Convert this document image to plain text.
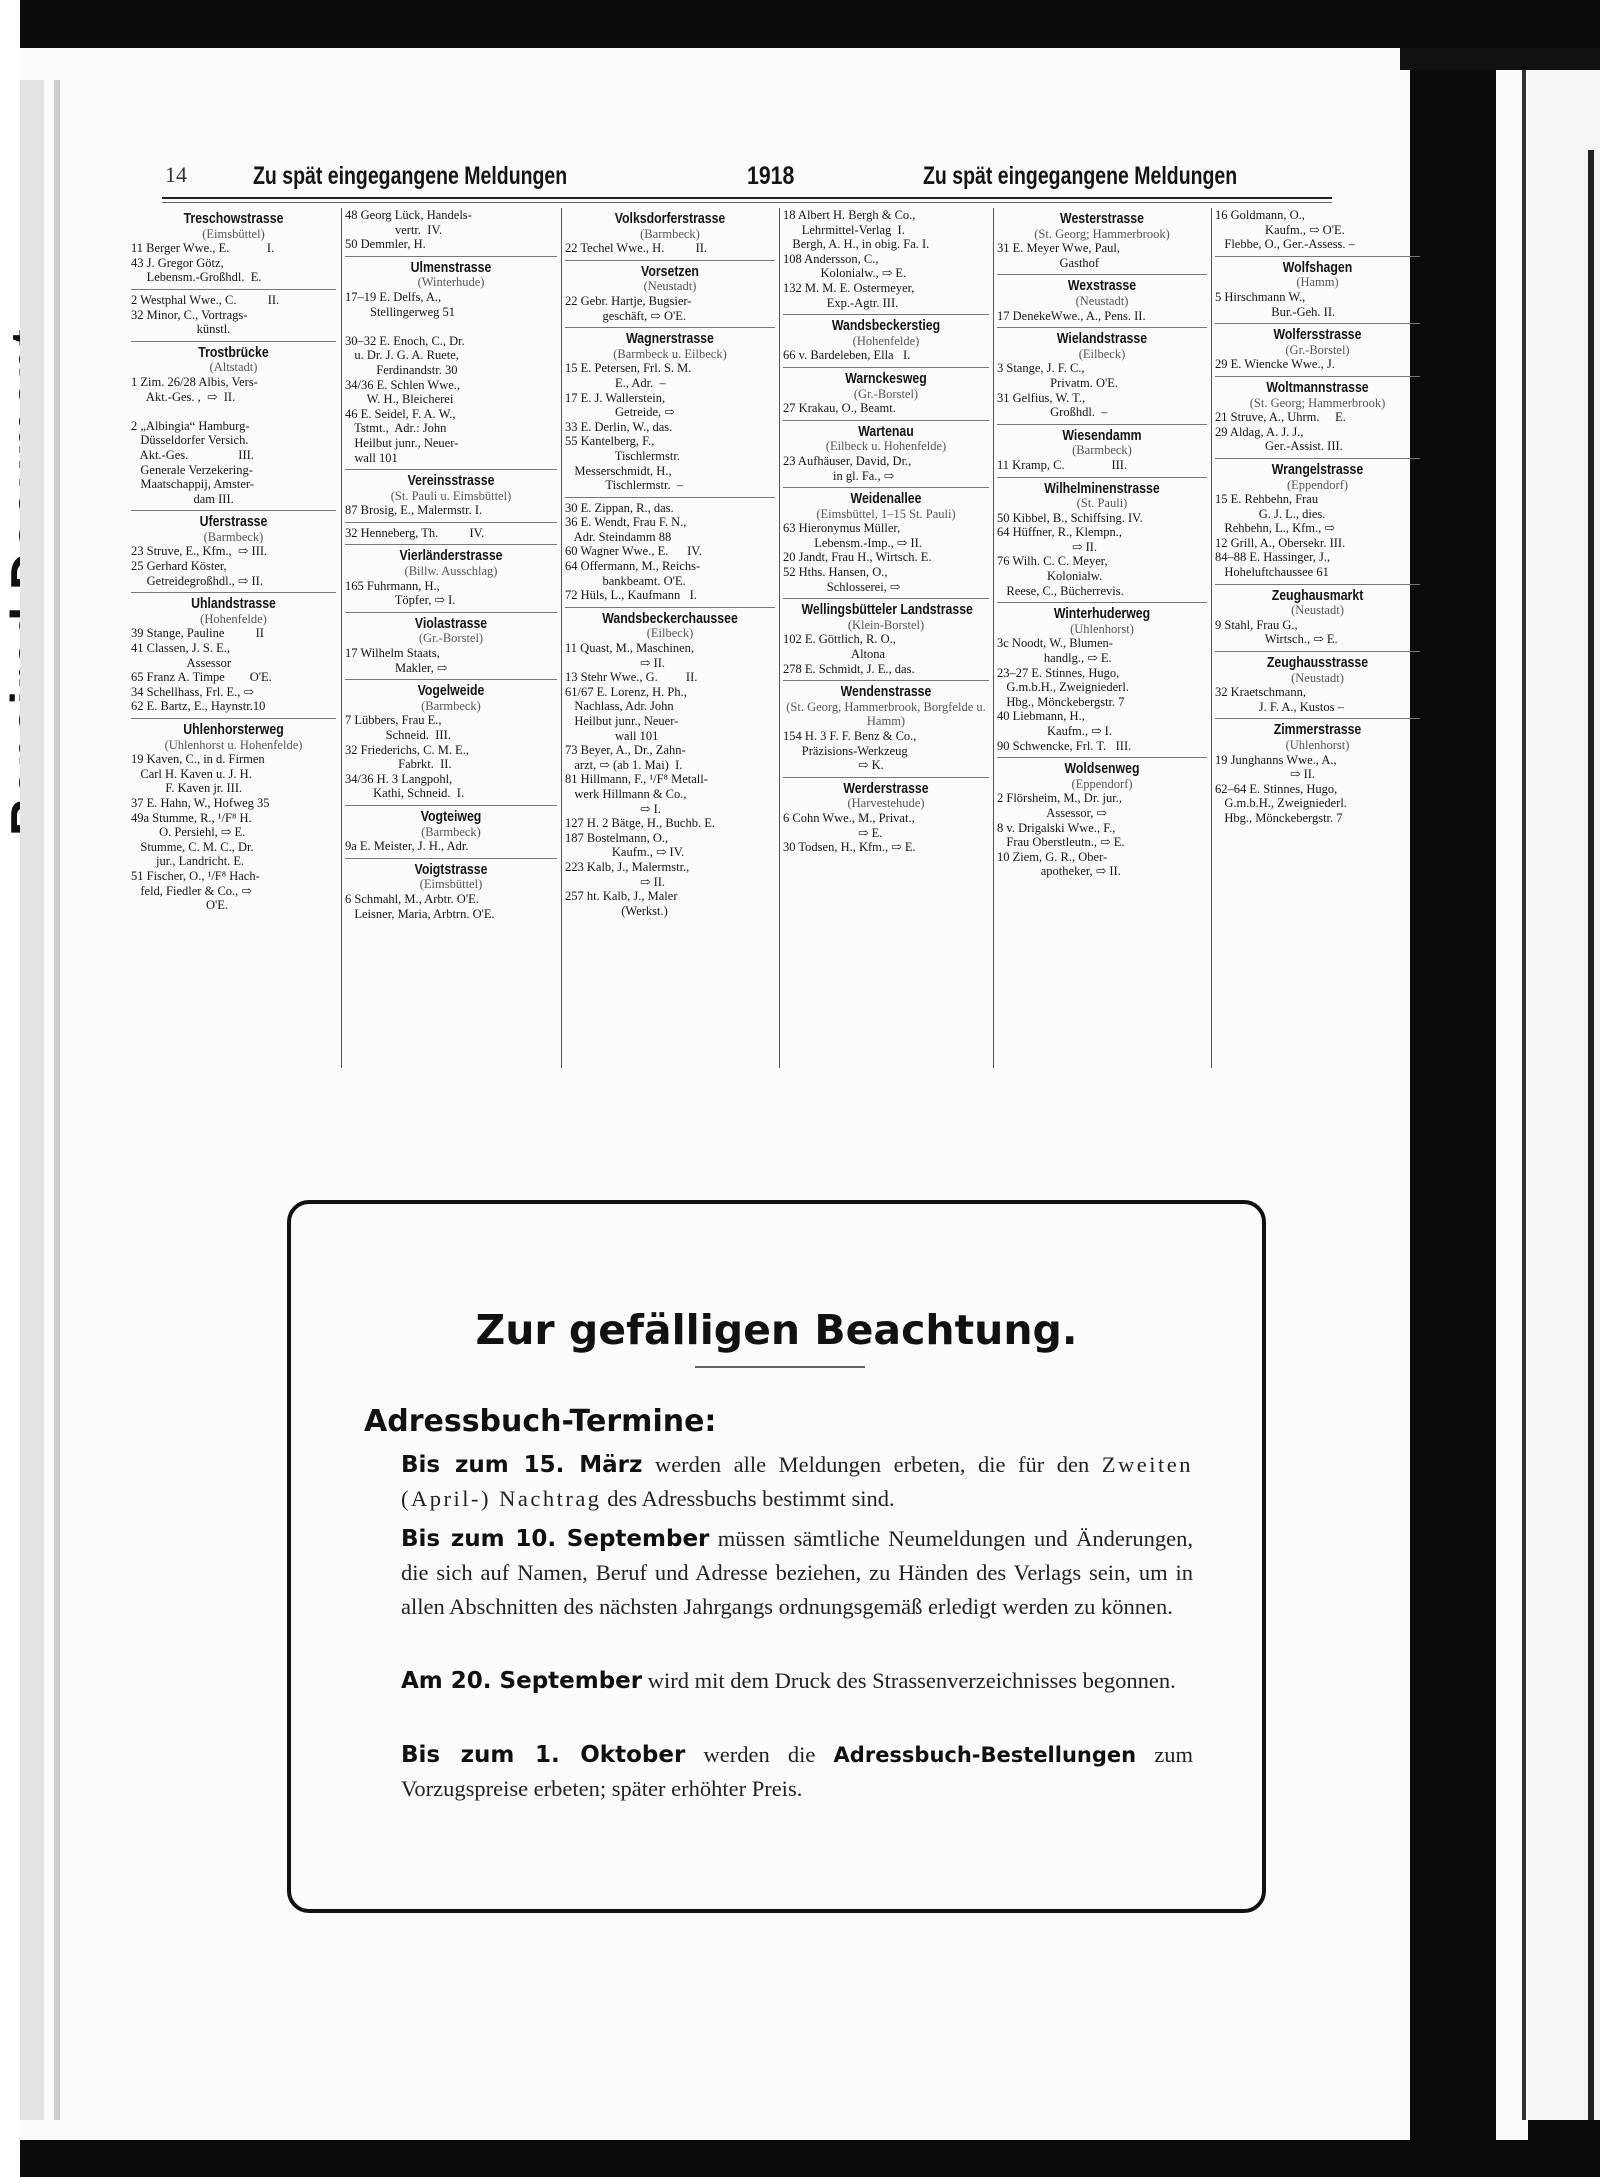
14	Zu spät eingegangene Meldungen	1918	Zu spät eingegangene Meldungen
Treschowstrasse
(Eimsbüttel)
11 Berger Wwe., E.            I.
43 J. Gregor Götz,
Lebensm.-Großhdl.  E.
2 Westphal Wwe., C.          II.
32 Minor, C., Vortrags-
künstl.
Trostbrücke
(Altstadt)
1 Zim. 26/28 Albis, Vers-
Akt.-Ges. ,  ⇨  II.

2 „Albingia“ Hamburg-
Düsseldorfer Versich.
Akt.-Ges.                III.
Generale Verzekering-
Maatschappij, Amster-
dam III.
Uferstrasse
(Barmbeck)
23 Struve, E., Kfm.,  ⇨ III.
25 Gerhard Köster,
Getreidegroßhdl., ⇨ II.
Uhlandstrasse
(Hohenfelde)
39 Stange, Pauline          II
41 Classen, J. S. E.,
Assessor
65 Franz A. Timpe        O'E.
34 Schellhass, Frl. E., ⇨
62 E. Bartz, E., Haynstr.10
Uhlenhorsterweg
(Uhlenhorst u. Hohenfelde)
19 Kaven, C., in d. Firmen
Carl H. Kaven u. J. H.
F. Kaven jr. III.
37 E. Hahn, W., Hofweg 35
49a Stumme, R., ¹/F⁸ H.
O. Persiehl, ⇨ E.
Stumme, C. M. C., Dr.
jur., Landricht. E.
51 Fischer, O., ¹/F⁸ Hach-
feld, Fiedler & Co., ⇨
O'E.
48 Georg Lück, Handels-
vertr.  IV.
50 Demmler, H.
Ulmenstrasse
(Winterhude)
17–19 E. Delfs, A.,
Stellingerweg 51

30–32 E. Enoch, C., Dr.
u. Dr. J. G. A. Ruete,
Ferdinandstr. 30
34/36 E. Schlen Wwe.,
W. H., Bleicherei
46 E. Seidel, F. A. W.,
Tstmt.,  Adr.: John
Heilbut junr., Neuer-
wall 101
Vereinsstrasse
(St. Pauli u. Eimsbüttel)
87 Brosig, E., Malermstr. I.
32 Henneberg, Th.          IV.
Vierländerstrasse
(Billw. Ausschlag)
165 Fuhrmann, H.,
Töpfer, ⇨ I.
Violastrasse
(Gr.-Borstel)
17 Wilhelm Staats,
Makler, ⇨
Vogelweide
(Barmbeck)
7 Lübbers, Frau E.,
Schneid.  III.
32 Friederichs, C. M. E.,
Fabrkt.  II.
34/36 H. 3 Langpohl,
Kathi, Schneid.  I.
Vogteiweg
(Barmbeck)
9a E. Meister, J. H., Adr.
Voigtstrasse
(Eimsbüttel)
6 Schmahl, M., Arbtr. O'E.
Leisner, Maria, Arbtrn. O'E.
Volksdorferstrasse
(Barmbeck)
22 Techel Wwe., H.          II.
Vorsetzen
(Neustadt)
22 Gebr. Hartje, Bugsier-
geschäft, ⇨ O'E.
Wagnerstrasse
(Barmbeck u. Eilbeck)
15 E. Petersen, Frl. S. M.
E., Adr.  –
17 E. J. Wallerstein,
Getreide, ⇨
33 E. Derlin, W., das.
55 Kantelberg, F.,
Tischlermstr.
Messerschmidt, H.,
Tischlermstr.  –
30 E. Zippan, R., das.
36 E. Wendt, Frau F. N.,
Adr. Steindamm 88
60 Wagner Wwe., E.      IV.
64 Offermann, M., Reichs-
bankbeamt. O'E.
72 Hüls, L., Kaufmann   I.
Wandsbeckerchaussee
(Eilbeck)
11 Quast, M., Maschinen,
⇨ II.
13 Stehr Wwe., G.         II.
61/67 E. Lorenz, H. Ph.,
Nachlass, Adr. John
Heilbut junr., Neuer-
wall 101
73 Beyer, A., Dr., Zahn-
arzt, ⇨ (ab 1. Mai)  I.
81 Hillmann, F., ¹/F⁸ Metall-
werk Hillmann & Co.,
⇨ I.
127 H. 2 Bätge, H., Buchb. E.
187 Bostelmann, O.,
Kaufm., ⇨ IV.
223 Kalb, J., Malermstr.,
⇨ II.
257 ht. Kalb, J., Maler
(Werkst.)
18 Albert H. Bergh & Co.,
Lehrmittel-Verlag  I.
Bergh, A. H., in obig. Fa. I.
108 Andersson, C.,
Kolonialw., ⇨ E.
132 M. M. E. Ostermeyer,
Exp.-Agtr. III.
Wandsbeckerstieg
(Hohenfelde)
66 v. Bardeleben, Ella   I.
Warnckesweg
(Gr.-Borstel)
27 Krakau, O., Beamt.
Wartenau
(Eilbeck u. Hohenfelde)
23 Aufhäuser, David, Dr.,
in gl. Fa., ⇨
Weidenallee
(Eimsbüttel, 1–15 St. Pauli)
63 Hieronymus Müller,
Lebensm.-Imp., ⇨ II.
20 Jandt, Frau H., Wirtsch. E.
52 Hths. Hansen, O.,
Schlosserei, ⇨
Wellingsbütteler Landstrasse
(Klein-Borstel)
102 E. Göttlich, R. O.,
Altona
278 E. Schmidt, J. E., das.
Wendenstrasse
(St. Georg, Hammerbrook, Borgfelde u. Hamm)
154 H. 3 F. F. Benz & Co.,
Präzisions-Werkzeug
⇨ K.
Werderstrasse
(Harvestehude)
6 Cohn Wwe., M., Privat.,
⇨ E.
30 Todsen, H., Kfm., ⇨ E.
Westerstrasse
(St. Georg; Hammerbrook)
31 E. Meyer Wwe, Paul,
Gasthof
Wexstrasse
(Neustadt)
17 DenekeWwe., A., Pens. II.
Wielandstrasse
(Eilbeck)
3 Stange, J. F. C.,
Privatm. O'E.
31 Gelfius, W. T.,
Großhdl.  –
Wiesendamm
(Barmbeck)
11 Kramp, C.               III.
Wilhelminenstrasse
(St. Pauli)
50 Kibbel, B., Schiffsing. IV.
64 Hüffner, R., Klempn.,
⇨ II.
76 Wilh. C. C. Meyer,
Kolonialw.
Reese, C., Bücherrevis.
Winterhuderweg
(Uhlenhorst)
3c Noodt, W., Blumen-
handlg., ⇨ E.
23–27 E. Stinnes, Hugo,
G.m.b.H., Zweigniederl.
Hbg., Mönckebergstr. 7
40 Liebmann, H.,
Kaufm., ⇨ I.
90 Schwencke, Frl. T.   III.
Woldsenweg
(Eppendorf)
2 Flörsheim, M., Dr. jur.,
Assessor, ⇨
8 v. Drigalski Wwe., F.,
Frau Oberstleutn., ⇨ E.
10 Ziem, G. R., Ober-
apotheker, ⇨ II.
16 Goldmann, O.,
Kaufm., ⇨ O'E.
Flebbe, O., Ger.-Assess. –
Wolfshagen
(Hamm)
5 Hirschmann W.,
Bur.-Geh. II.
Wolfersstrasse
(Gr.-Borstel)
29 E. Wiencke Wwe., J.
Woltmannstrasse
(St. Georg; Hammerbrook)
21 Struve, A., Uhrm.     E.
29 Aldag, A. J. J.,
Ger.-Assist. III.
Wrangelstrasse
(Eppendorf)
15 E. Rehbehn, Frau
G. J. L., dies.
Rehbehn, L., Kfm., ⇨
12 Grill, A., Obersekr. III.
84–88 E. Hassinger, J.,
Hoheluftchaussee 61
Zeughausmarkt
(Neustadt)
9 Stahl, Frau G.,
Wirtsch., ⇨ E.
Zeughausstrasse
(Neustadt)
32 Kraetschmann,
J. F. A., Kustos –
Zimmerstrasse
(Uhlenhorst)
19 Junghanns Wwe., A.,
⇨ II.
62–64 E. Stinnes, Hugo,
G.m.b.H., Zweigniederl.
Hbg., Mönckebergstr. 7
Zur gefälligen Beachtung.
Adressbuch-Termine:
Bis zum 15. März werden alle Meldungen erbeten, die für den Zweiten (April-) Nachtrag des Adressbuchs bestimmt sind.
Bis zum 10. September müssen sämtliche Neumeldungen und Änderungen, die sich auf Namen, Beruf und Adresse beziehen, zu Händen des Verlags sein, um in allen Abschnitten des nächsten Jahrgangs ordnungsgemäß erledigt werden zu können.
Am 20. September wird mit dem Druck des Strassenverzeichnisses begonnen.
Bis zum 1. Oktober werden die Adressbuch-Bestellungen zum Vorzugspreise erbeten; später erhöhter Preis.
